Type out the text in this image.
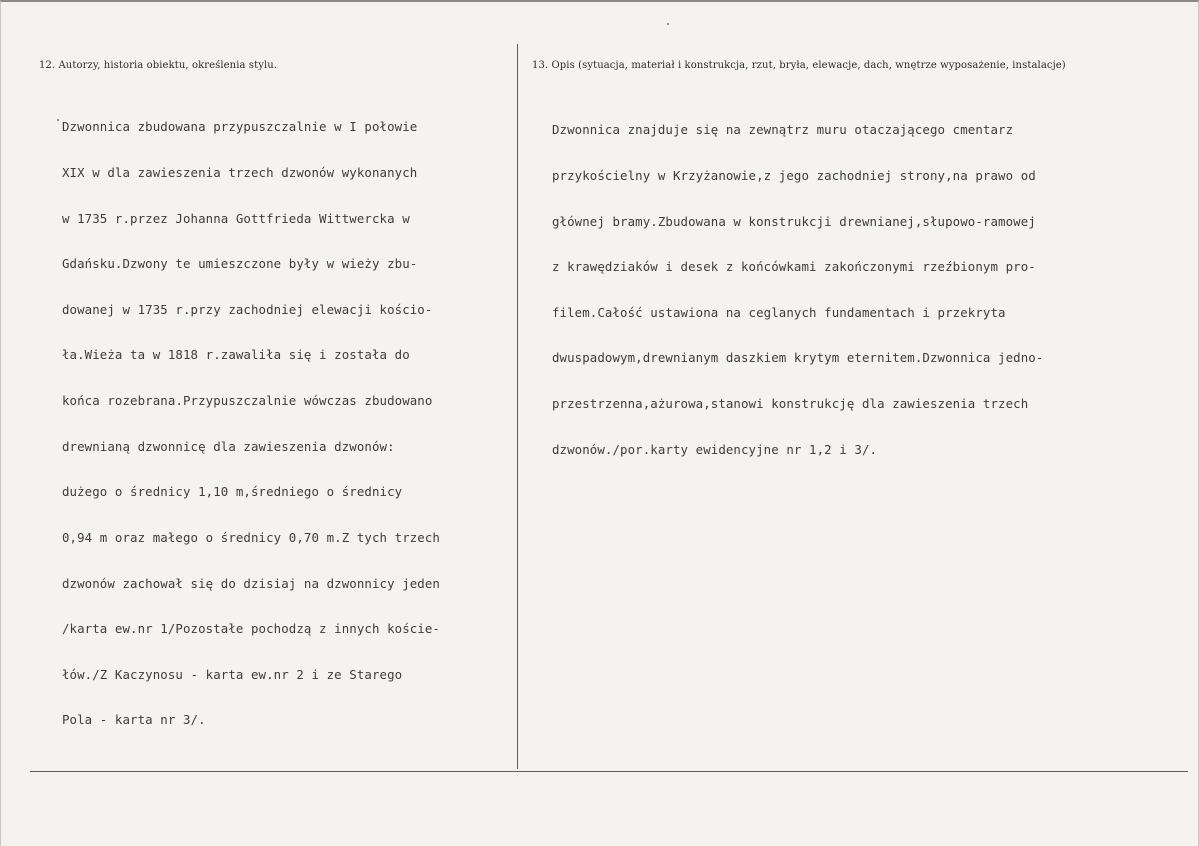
12. Autorzy, historia obiektu, określenia stylu.	13. Opis (sytuacja, materiał i konstrukcja, rzut, bryła, elewacje, dach, wnętrze wyposażenie, instalacje)

Dzwonnica zbudowana przypuszczalnie w I połowie

XIX w dla zawieszenia trzech dzwonów wykonanych

w 1735 r.przez Johanna Gottfrieda Wittwercka w

Gdańsku.Dzwony te umieszczone były w wieży zbu-

dowanej w 1735 r.przy zachodniej elewacji kościo-

ła.Wieża ta w 1818 r.zawaliła się i została do

końca rozebrana.Przypuszczalnie wówczas zbudowano

drewnianą dzwonnicę dla zawieszenia dzwonów:

dużego o średnicy 1,10 m,średniego o średnicy

0,94 m oraz małego o średnicy 0,70 m.Z tych trzech

dzwonów zachował się do dzisiaj na dzwonnicy jeden

/karta ew.nr 1/Pozostałe pochodzą z innych koście-

łów./Z Kaczynosu - karta ew.nr 2 i ze Starego

Pola - karta nr 3/.

Dzwonnica znajduje się na zewnątrz muru otaczającego cmentarz

przykościelny w Krzyżanowie,z jego zachodniej strony,na prawo od

głównej bramy.Zbudowana w konstrukcji drewnianej,słupowo-ramowej

z krawędziaków i desek z końcówkami zakończonymi rzeźbionym pro-

filem.Całość ustawiona na ceglanych fundamentach i przekryta

dwuspadowym,drewnianym daszkiem krytym eternitem.Dzwonnica jedno-

przestrzenna,ażurowa,stanowi konstrukcję dla zawieszenia trzech

dzwonów./por.karty ewidencyjne nr 1,2 i 3/.
